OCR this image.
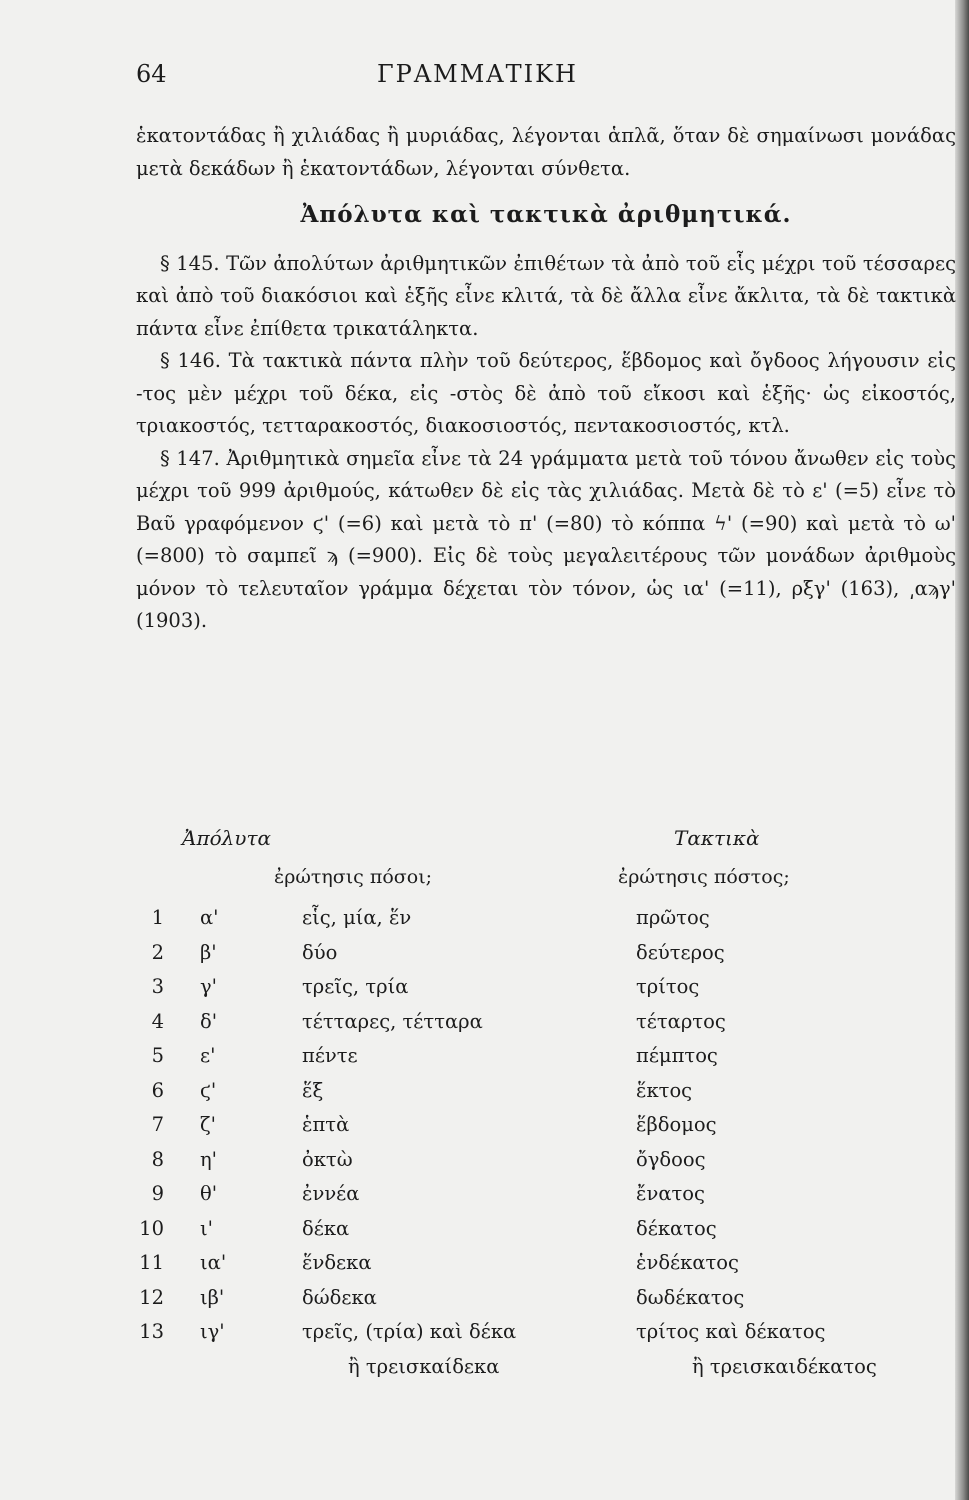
64	ΓΡΑΜΜΑΤΙΚΗ

ἑκατοντάδας ἢ χιλιάδας ἢ μυριάδας, λέγονται ἁπλᾶ, ὅταν δὲ σημαίνωσι μονάδας μετὰ δεκάδων ἢ ἑκατοντάδων, λέγονται σύνθετα.

Ἀπόλυτα καὶ τακτικὰ ἀριθμητικά.

§ 145. Τῶν ἀπολύτων ἀριθμητικῶν ἐπιθέτων τὰ ἀπὸ τοῦ εἷς μέχρι τοῦ τέσσαρες καὶ ἀπὸ τοῦ διακόσιοι καὶ ἑξῆς εἶνε κλιτά, τὰ δὲ ἄλλα εἶνε ἄκλιτα, τὰ δὲ τακτικὰ πάντα εἶνε ἐπίθετα τρικατάληκτα.

§ 146. Τὰ τακτικὰ πάντα πλὴν τοῦ δεύτερος, ἕβδομος καὶ ὄγδοος λήγουσιν εἰς -τος μὲν μέχρι τοῦ δέκα, εἰς -στὸς δὲ ἀπὸ τοῦ εἴκοσι καὶ ἑξῆς· ὡς εἰκοστός, τριακοστός, τετταρακοστός, διακοσιοστός, πεντακοσιοστός, κτλ.

§ 147. Ἀριθμητικὰ σημεῖα εἶνε τὰ 24 γράμματα μετὰ τοῦ τόνου ἄνωθεν εἰς τοὺς μέχρι τοῦ 999 ἀριθμούς, κάτωθεν δὲ εἰς τὰς χιλιάδας. Μετὰ δὲ τὸ ε' (=5) εἶνε τὸ Βαῦ γραφόμενον ϛ' (=6) καὶ μετὰ τὸ π' (=80) τὸ κόππα ϟ' (=90) καὶ μετὰ τὸ ω' (=800) τὸ σαμπεῖ ϡ (=900). Εἰς δὲ τοὺς μεγαλειτέρους τῶν μονάδων ἀριθμοὺς μόνον τὸ τελευταῖον γράμμα δέχεται τὸν τόνον, ὡς ια' (=11), ρξγ' (163), ͵αϡγ' (1903).

Ἀπόλυτα	Τακτικὰ
ἐρώτησις πόσοι;	ἐρώτησις πόστος;
1 α'	εἷς, μία, ἕν	πρῶτος
2 β'	δύο	δεύτερος
3 γ'	τρεῖς, τρία	τρίτος
4 δ'	τέτταρες, τέτταρα	τέταρτος
5 ε'	πέντε	πέμπτος
6 ϛ'	ἕξ	ἕκτος
7 ζ'	ἑπτὰ	ἕβδομος
8 η'	ὀκτὼ	ὄγδοος
9 θ'	ἐννέα	ἔνατος
10 ι'	δέκα	δέκατος
11 ια'	ἕνδεκα	ἑνδέκατος
12 ιβ'	δώδεκα	δωδέκατος
13 ιγ'	τρεῖς, (τρία) καὶ δέκα	τρίτος καὶ δέκατος
ἢ τρεισκαίδεκα	ἢ τρεισκαιδέκατος
